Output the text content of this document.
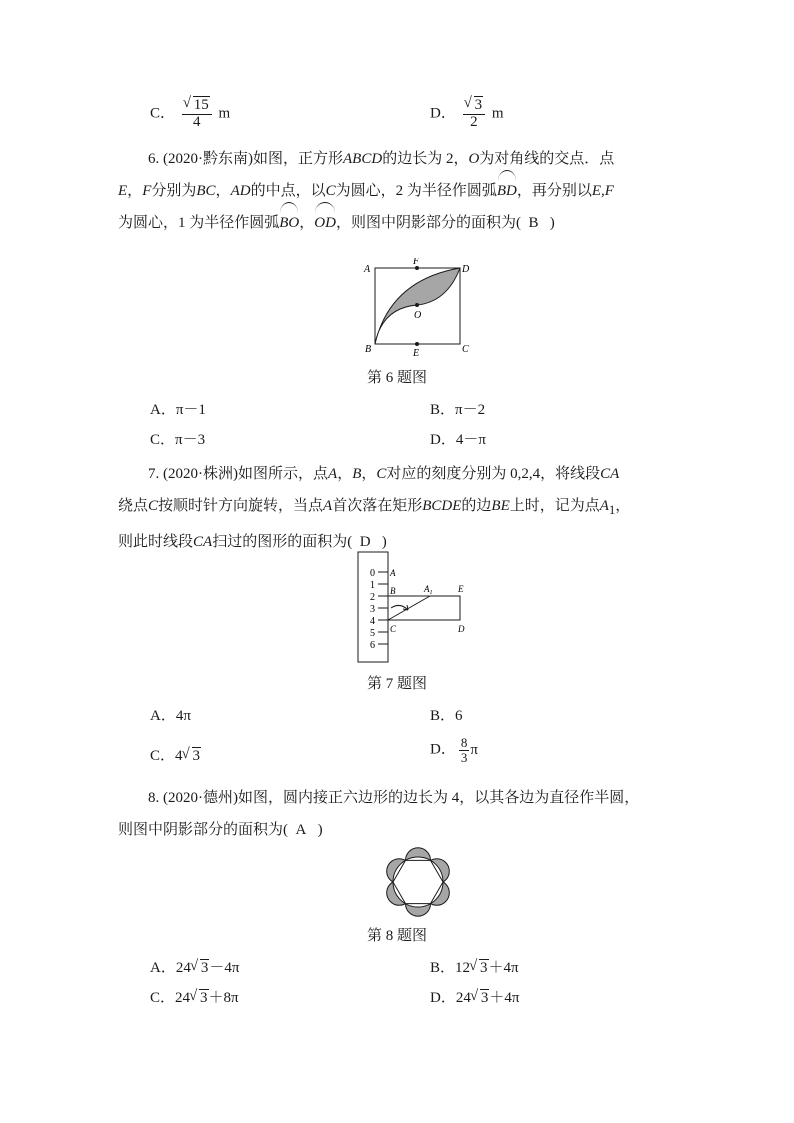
C． √ $\frac{15}{4}$ m	D． √ $\frac{3}{2}$ m
6. (2020·黔东南)如图，正方形ABCD的边长为 2，O为对角线的交点．点
E，F分别为BC，AD的中点，以C为圆心，2 为半径作圆弧BD，再分别以E,F
为圆心，1 为半径作圆弧BO，OD，则图中阴影部分的面积为( B )
A
F
D
O
B	E	C
第 6 题图
A．π－1	B．π－2
C．π－3	D．4－π
7. (2020·株洲)如图所示，点A，B，C对应的刻度分别为 0,2,4，将线段CA
绕点C按顺时针方向旋转，当点A首次落在矩形BCDE的边BE上时，记为点$A_1$，
则此时线段CA扫过的图形的面积为( D )
0
1
2
3
4
5
6
A
B
C
$A_1$	E
D
第 7 题图
A．4π	B．6
C．4 √ 3	D． $\frac{8}{3}$ π
8. (2020·德州)如图，圆内接正六边形的边长为 4，以其各边为直径作半圆，
则图中阴影部分的面积为( A )
第 8 题图
A．24 √ 3－4π	B．12 √ 3＋4π
C．24 √ 3＋8π	D．24 √ 3＋4π
